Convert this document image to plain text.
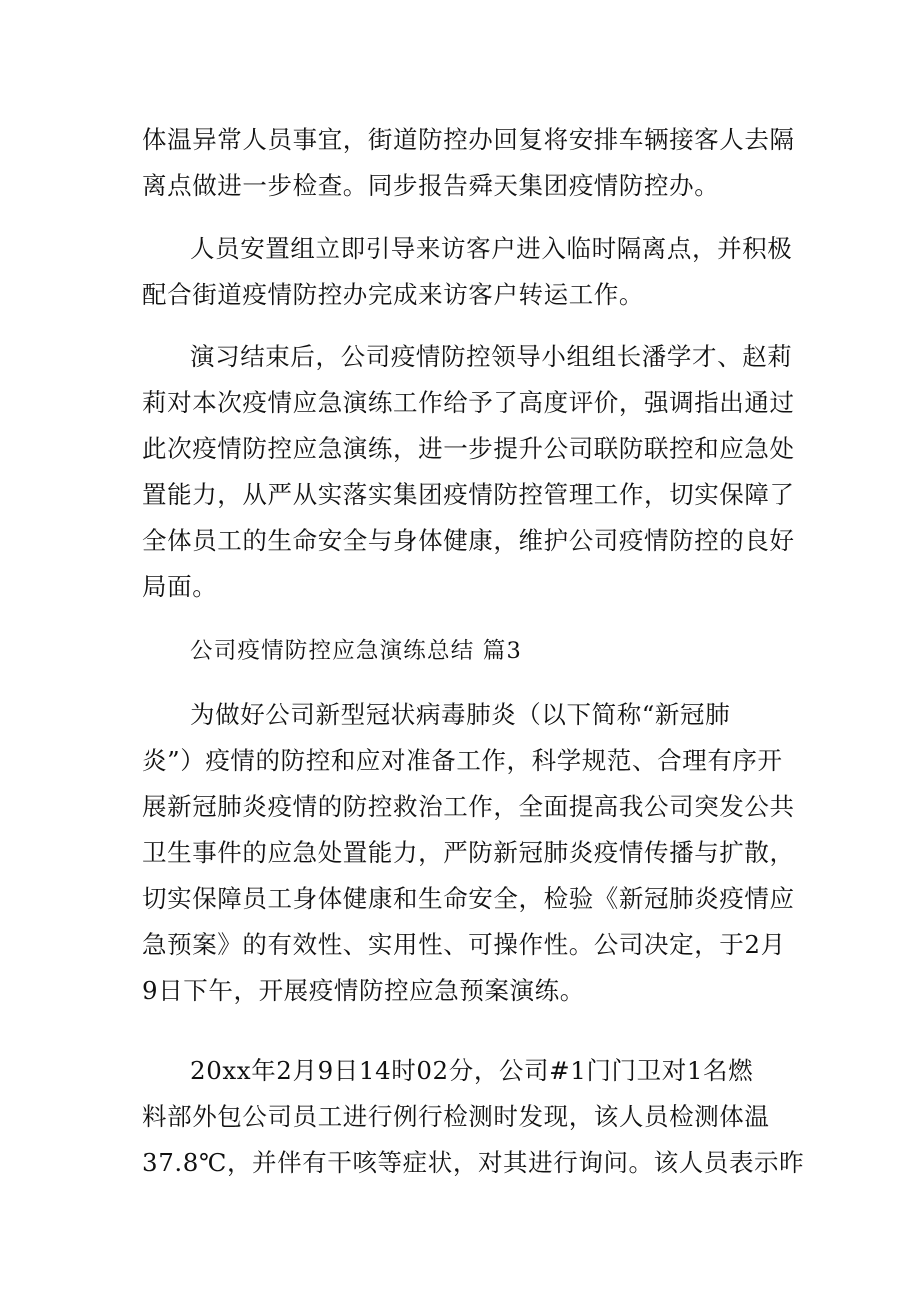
体温异常人员事宜，街道防控办回复将安排车辆接客人去隔
离点做进一步检查。同步报告舜天集团疫情防控办。
人员安置组立即引导来访客户进入临时隔离点，并积极
配合街道疫情防控办完成来访客户转运工作。
演习结束后，公司疫情防控领导小组组长潘学才、赵莉
莉对本次疫情应急演练工作给予了高度评价，强调指出通过
此次疫情防控应急演练，进一步提升公司联防联控和应急处
置能力，从严从实落实集团疫情防控管理工作，切实保障了
全体员工的生命安全与身体健康，维护公司疫情防控的良好
局面。
公司疫情防控应急演练总结 篇3
为做好公司新型冠状病毒肺炎（以下简称“新冠肺
炎”）疫情的防控和应对准备工作，科学规范、合理有序开
展新冠肺炎疫情的防控救治工作，全面提高我公司突发公共
卫生事件的应急处置能力，严防新冠肺炎疫情传播与扩散，
切实保障员工身体健康和生命安全，检验《新冠肺炎疫情应
急预案》的有效性、实用性、可操作性。公司决定，于2月
9日下午，开展疫情防控应急预案演练。
20xx年2月9日14时02分，公司#1门门卫对1名燃
料部外包公司员工进行例行检测时发现，该人员检测体温
37.8℃，并伴有干咳等症状，对其进行询问。该人员表示昨
